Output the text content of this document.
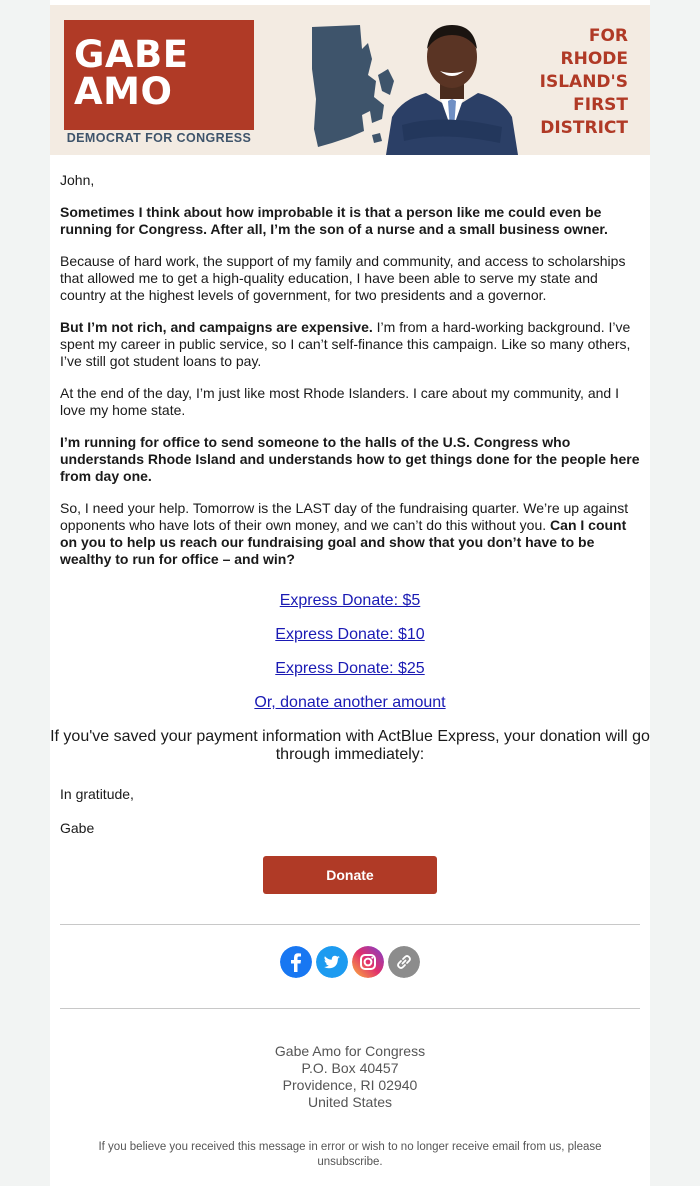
GABE
AMO
DEMOCRAT FOR CONGRESS
FOR
RHODE
ISLAND'S
FIRST
DISTRICT

John,

Sometimes I think about how improbable it is that a person like me could even be running for Congress. After all, I’m the son of a nurse and a small business owner.

Because of hard work, the support of my family and community, and access to scholarships that allowed me to get a high-quality education, I have been able to serve my state and country at the highest levels of government, for two presidents and a governor.

But I’m not rich, and campaigns are expensive. I’m from a hard-working background. I’ve spent my career in public service, so I can’t self-finance this campaign. Like so many others, I’ve still got student loans to pay.

At the end of the day, I’m just like most Rhode Islanders. I care about my community, and I love my home state.

I’m running for office to send someone to the halls of the U.S. Congress who understands Rhode Island and understands how to get things done for the people here from day one.

So, I need your help. Tomorrow is the LAST day of the fundraising quarter. We’re up against opponents who have lots of their own money, and we can’t do this without you. Can I count on you to help us reach our fundraising goal and show that you don’t have to be wealthy to run for office – and win?

Express Donate: $5
Express Donate: $10
Express Donate: $25
Or, donate another amount
If you've saved your payment information with ActBlue Express, your donation will go through immediately:

In gratitude,

Gabe

Donate
Gabe Amo for Congress
P.O. Box 40457
Providence, RI 02940
United States
If you believe you received this message in error or wish to no longer receive email from us, please unsubscribe.
